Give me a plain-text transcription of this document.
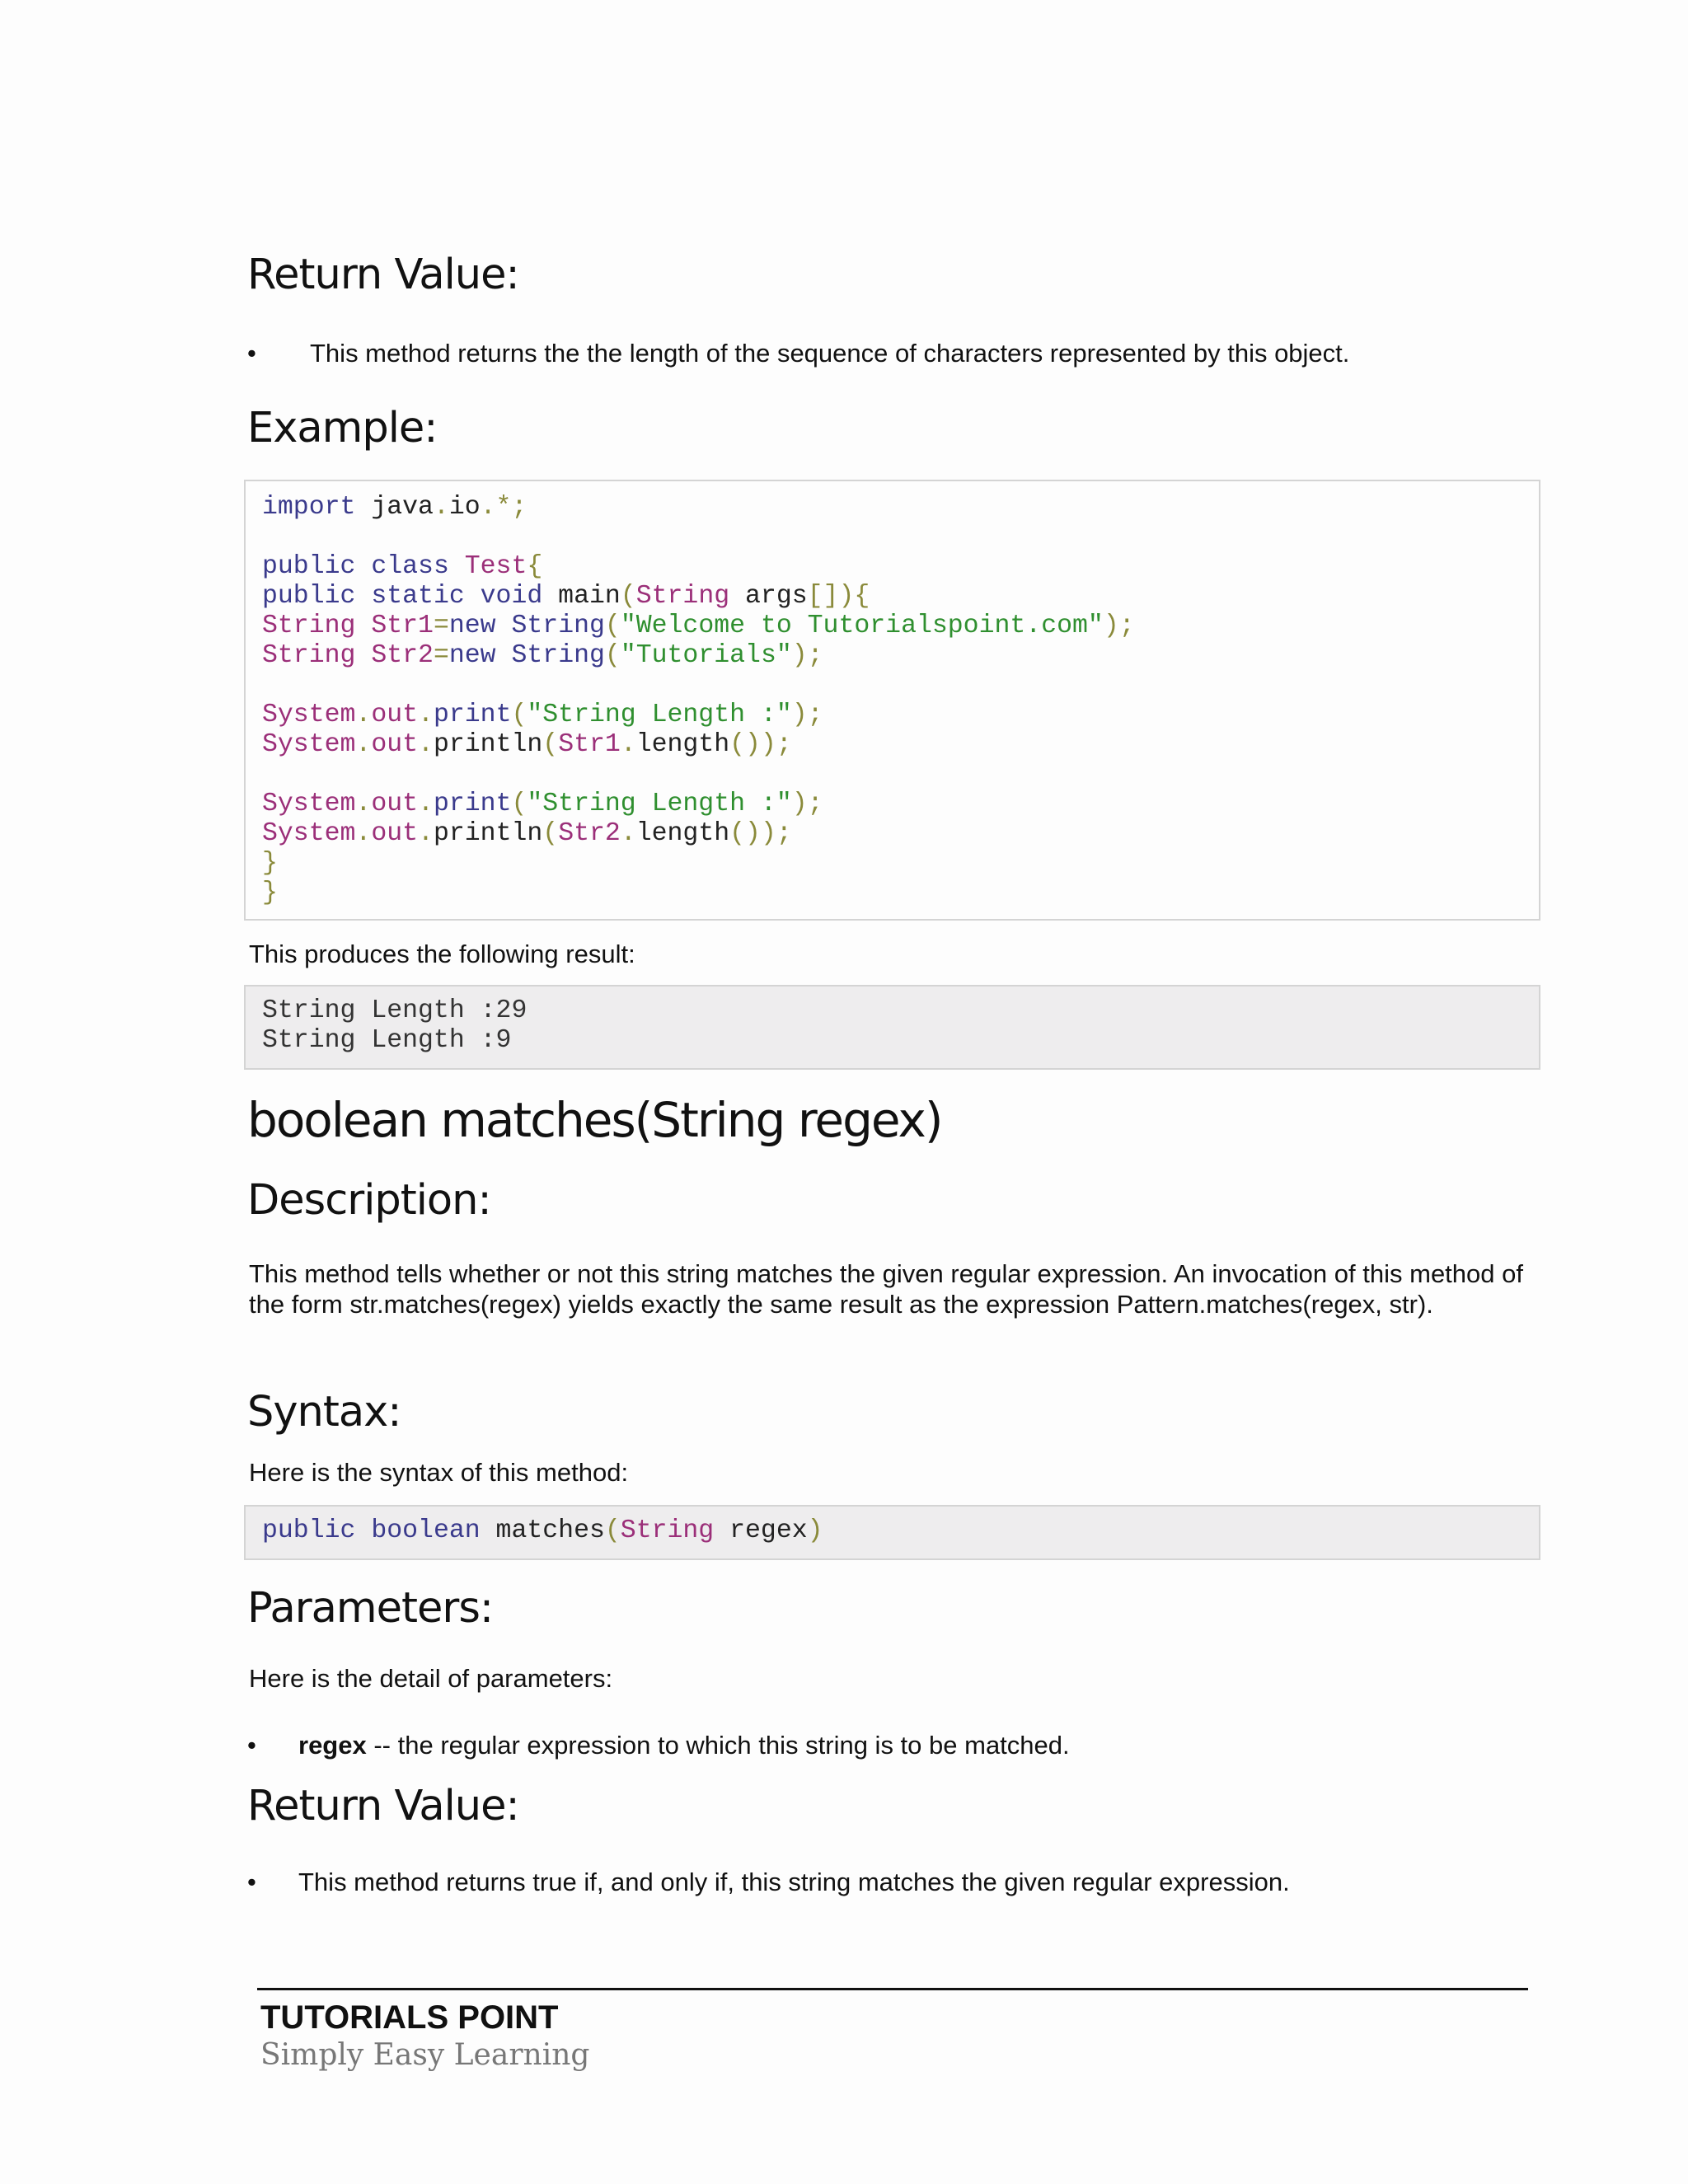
Return Value:
• This method returns the the length of the sequence of characters represented by this object.
Example:
import java.io.*;

public class Test{
public static void main(String args[]){
String Str1=new String("Welcome to Tutorialspoint.com");
String Str2=new String("Tutorials");

System.out.print("String Length :");
System.out.println(Str1.length());

System.out.print("String Length :");
System.out.println(Str2.length());
}
}

This produces the following result:

String Length :29
String Length :9
boolean matches(String regex)
Description:

This method tells whether or not this string matches the given regular expression. An invocation of this method of the form str.matches(regex) yields exactly the same result as the expression Pattern.matches(regex, str).

Syntax:

Here is the syntax of this method:

public boolean matches(String regex)
Parameters:

Here is the detail of parameters:

• regex -- the regular expression to which this string is to be matched.
Return Value:
• This method returns true if, and only if, this string matches the given regular expression.
TUTORIALS POINT
Simply Easy Learning
